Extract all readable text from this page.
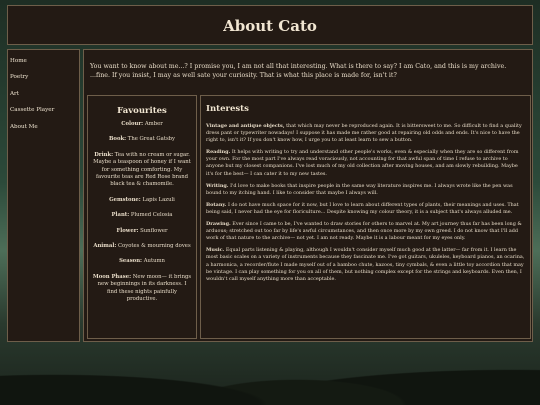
About Cato
Home
Poetry
Art
Cassette Player
About Me

You want to know about me...? I promise you, I am not all that interesting. What is there to say? I am Cato, and this is my archive. ...fine. If you insist, I may as well sate your curiosity. That is what this place is made for, isn't it?

Favourites
Colour: Amber
Book: The Great Gatsby
Drink: Tea with no cream or sugar. Maybe a teaspoon of honey if I want for something comforting. My favourite teas are Red Rose brand black tea & chamomile.
Gemstone: Lapis Lazuli
Plant: Plumed Celosia
Flower: Sunflower
Animal: Coyotes & mourning doves
Season: Autumn
Moon Phase: New moon— it brings new beginnings in its darkness. I find these nights painfully productive.
Interests

Vintage and antique objects, that which may never be reproduced again. It is bittersweet to me. So difficult to find a quality dress pant or typewriter nowadays! I suppose it has made me rather good at repairing old odds and ends. It's nice to have the right to, isn't it? If you don't know how, I urge you to at least learn to sew a button.

Reading. It helps with writing to try and understand other people's works, even & especially when they are so different from your own. For the most part I've always read voraciously, not accounting for that awful span of time I refuse to archive to anyone but my closest companions. I've lost much of my old collection after moving houses, and am slowly rebuilding. Maybe it's for the best— I can cater it to my new tastes.

Writing. I'd love to make books that inspire people in the same way literature inspires me. I always wrote like the pen was bound to my itching hand. I like to consider that maybe I always will.

Botany. I do not have much space for it now, but I love to learn about different types of plants, their meanings and uses. That being said, I never had the eye for floriculture... Despite knowing my colour theory, it is a subject that's always alluded me.

Drawing. Ever since I came to be, I've wanted to draw stories for others to marvel at. My art journey thus far has been long & arduous; stretched out too far by life's awful circumstances, and then once more by my own greed. I do not know that I'll add work of that nature to the archive— not yet. I am not ready. Maybe it is a labour meant for my eyes only.

Music. Equal parts listening & playing, although I wouldn't consider myself much good at the latter— far from it. I learn the most basic scales on a variety of instruments because they fascinate me. I've got guitars, ukuleles, keyboard pianos, an ocarina, a harmonica, a recorder/flute I made myself out of a bamboo chute, kazoos, tiny cymbals, & even a little toy accordion that may be vintage. I can play something for you on all of them, but nothing complex except for the strings and keyboards. Even then, I wouldn't call myself anything more than acceptable.
